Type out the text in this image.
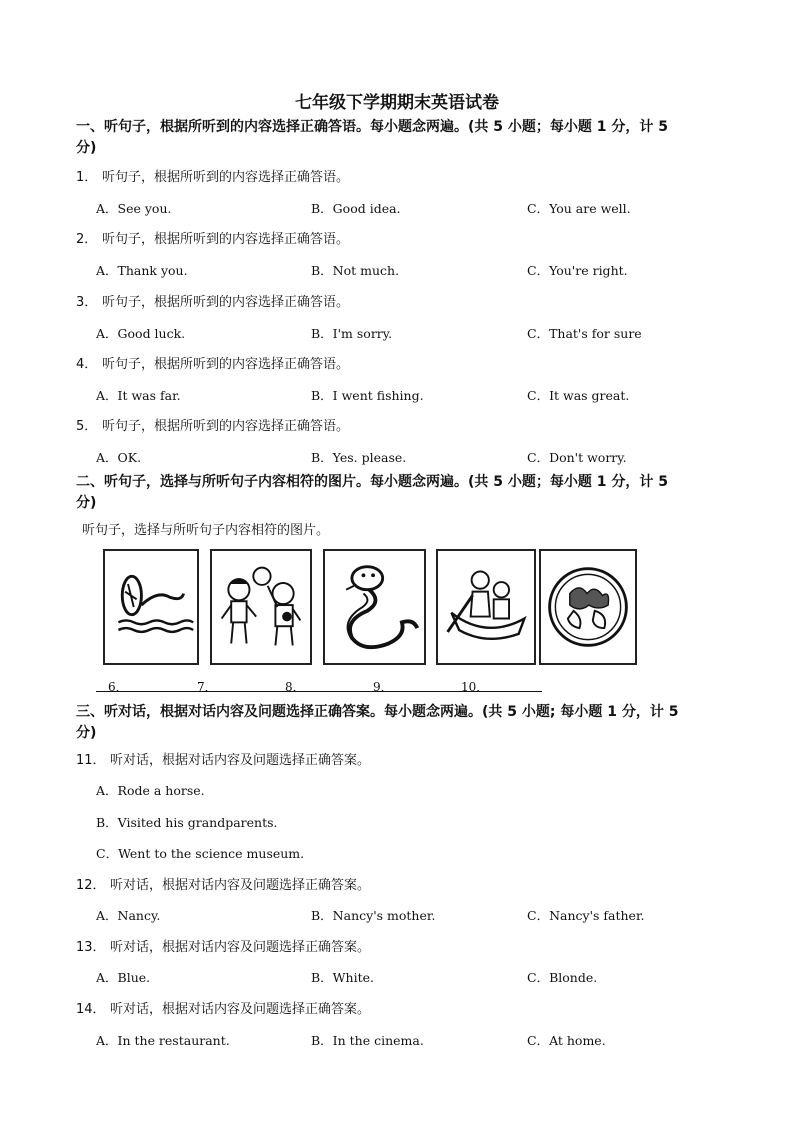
七年级下学期期末英语试卷
一、听句子，根据所听到的内容选择正确答语。每小题念两遍。(共 5 小题；每小题 1 分，计 5
分)
1． 听句子，根据所听到的内容选择正确答语。
A．See you.	B．Good idea.	C．You are well.
2． 听句子，根据所听到的内容选择正确答语。
A．Thank you.	B．Not much.	C．You're right.
3． 听句子，根据所听到的内容选择正确答语。
A．Good luck.	B．I'm sorry.	C．That's for sure
4． 听句子，根据所听到的内容选择正确答语。
A．It was far.	B．I went fishing.	C．It was great.
5． 听句子，根据所听到的内容选择正确答语。
A．OK.	B．Yes. please.	C．Don't worry.
二、听句子，选择与所听句子内容相符的图片。每小题念两遍。(共 5 小题；每小题 1 分，计 5
分)
听句子，选择与所听句子内容相符的图片。
6．	7．	8．	9．	10．
三、听对话，根据对话内容及问题选择正确答案。每小题念两遍。(共 5 小题; 每小题 1 分，计 5
分)
11． 听对话，根据对话内容及问题选择正确答案。
A．Rode a horse.
B．Visited his grandparents.
C．Went to the science museum.
12． 听对话，根据对话内容及问题选择正确答案。
A．Nancy.	B．Nancy's mother.	C．Nancy's father.
13． 听对话，根据对话内容及问题选择正确答案。
A．Blue.	B．White.	C．Blonde.
14． 听对话，根据对话内容及问题选择正确答案。
A．In the restaurant.	B．In the cinema.	C．At home.
